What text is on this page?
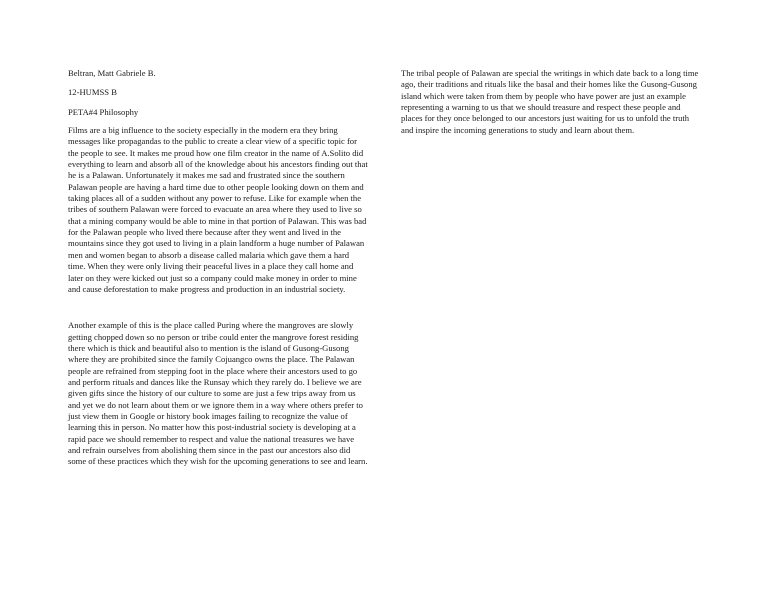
Beltran, Matt Gabriele B.

12-HUMSS B

PETA#4 Philosophy

Films are a big influence to the society especially in the modern era they bring messages like propagandas to the public to create a clear view of a specific topic for the people to see. It makes me proud how one film creator in the name of A.Solito did everything to learn and absorb all of the knowledge about his ancestors finding out that he is a Palawan. Unfortunately it makes me sad and frustrated since the southern Palawan people are having a hard time due to other people looking down on them and taking places all of a sudden without any power to refuse. Like for example when the tribes of southern Palawan were forced to evacuate an area where they used to live so that a mining company would be able to mine in that portion of Palawan. This was bad for the Palawan people who lived there because after they went and lived in the mountains since they got used to living in a plain landform a huge number of Palawan men and women began to absorb a disease called malaria which gave them a hard time. When they were only living their peaceful lives in a place they call home and later on they were kicked out just so a company could make money in order to mine and cause deforestation to make progress and production in an industrial society.

Another example of this is the place called Puring where the mangroves are slowly getting chopped down so no person or tribe could enter the mangrove forest residing there which is thick and beautiful also to mention is the island of Gusong-Gusong where they are prohibited since the family Cojuangco owns the place. The Palawan people are refrained from stepping foot in the place where their ancestors used to go and perform rituals and dances like the Runsay which they rarely do. I believe we are given gifts since the history of our culture to some are just a few trips away from us and yet we do not learn about them or we ignore them in a way where others prefer to just view them in Google or history book images failing to recognize the value of learning this in person. No matter how this post-industrial society is developing at a rapid pace we should remember to respect and value the national treasures we have and refrain ourselves from abolishing them since in the past our ancestors also did some of these practices which they wish for the upcoming generations to see and learn.

The tribal people of Palawan are special the writings in which date back to a long time ago, their traditions and rituals like the basal and their homes like the Gusong-Gusong island which were taken from them by people who have power are just an example representing a warning to us that we should treasure and respect these people and places for they once belonged to our ancestors just waiting for us to unfold the truth and inspire the incoming generations to study and learn about them.
